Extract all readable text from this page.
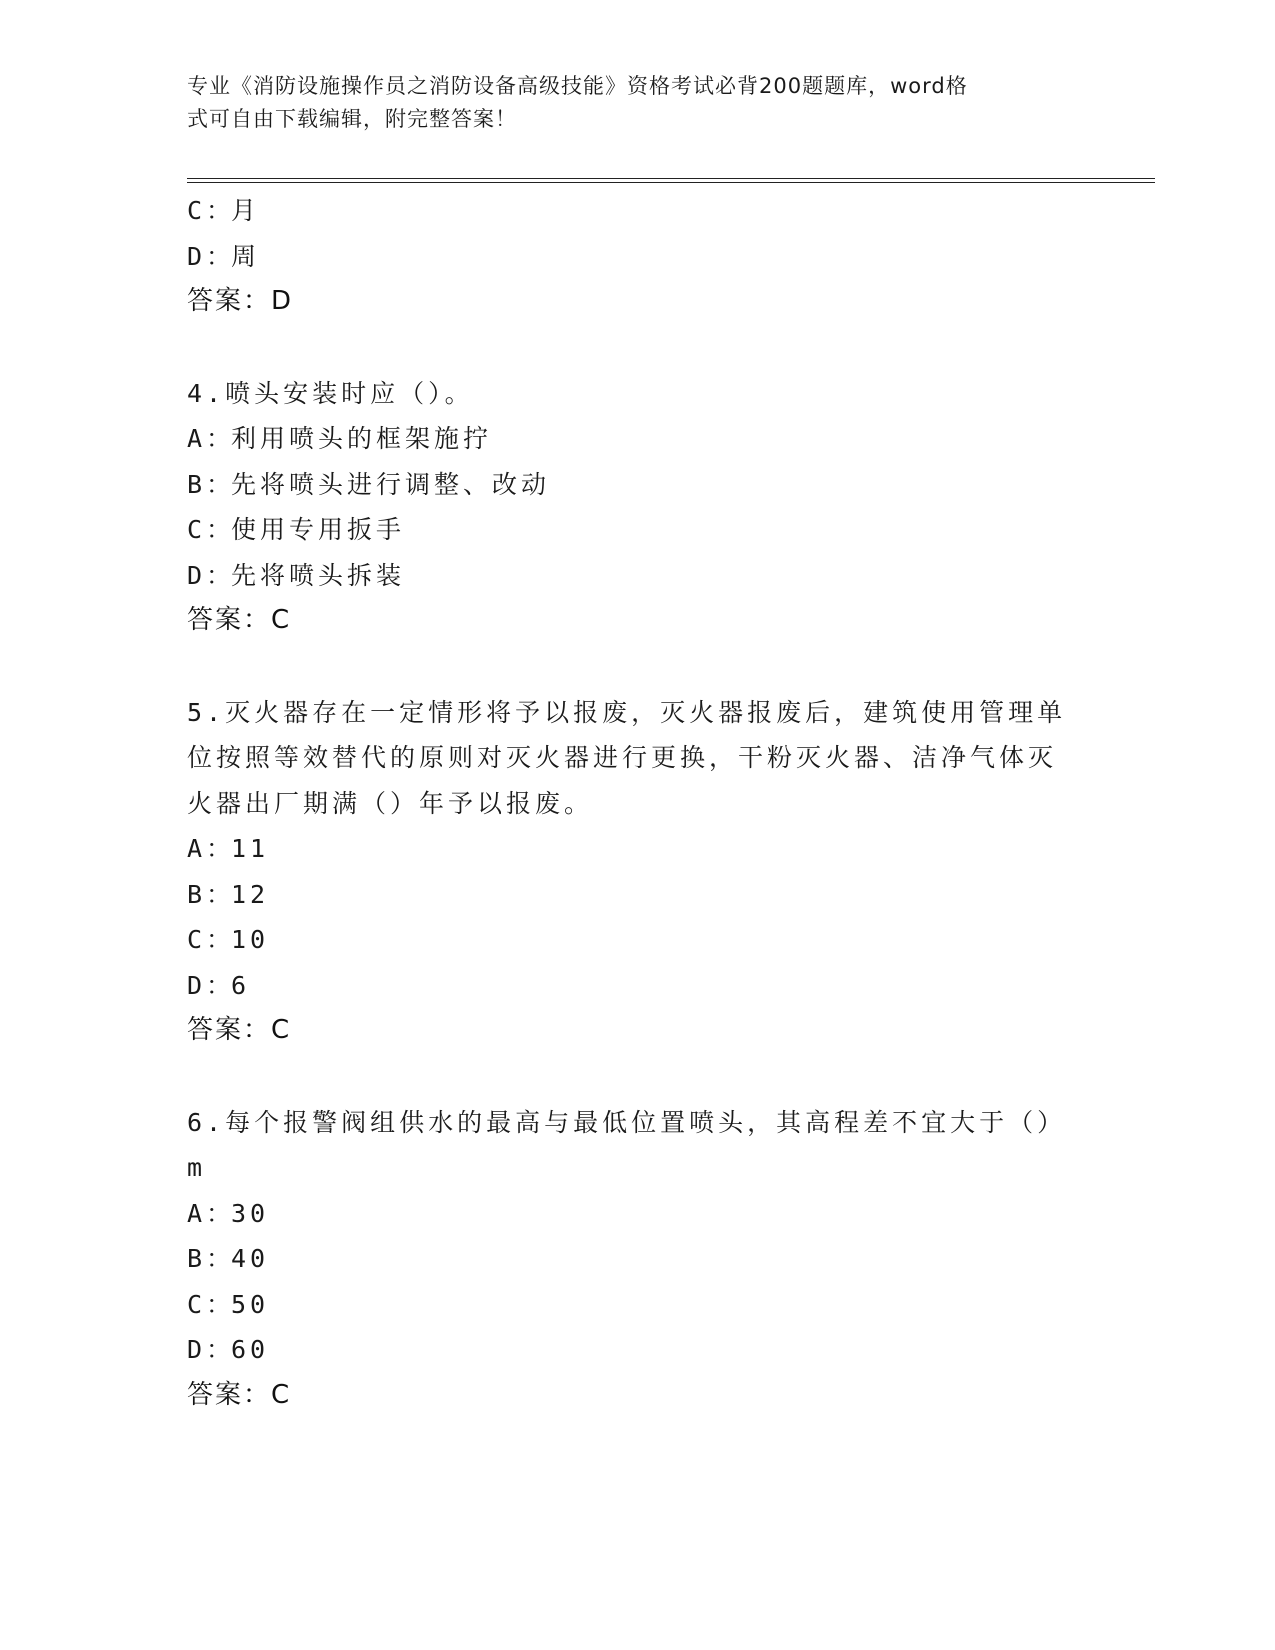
专业《消防设施操作员之消防设备高级技能》资格考试必背200题题库，word格
式可自由下载编辑，附完整答案！
C：月
D：周
答案：D
4.喷头安装时应（）。
A：利用喷头的框架施拧
B：先将喷头进行调整、改动
C：使用专用扳手
D：先将喷头拆装
答案：C
5.灭火器存在一定情形将予以报废，灭火器报废后，建筑使用管理单
位按照等效替代的原则对灭火器进行更换，干粉灭火器、洁净气体灭
火器出厂期满（）年予以报废。
A：11
B：12
C：10
D：6
答案：C
6.每个报警阀组供水的最高与最低位置喷头，其高程差不宜大于（）m
A：30
B：40
C：50
D：60
答案：C
